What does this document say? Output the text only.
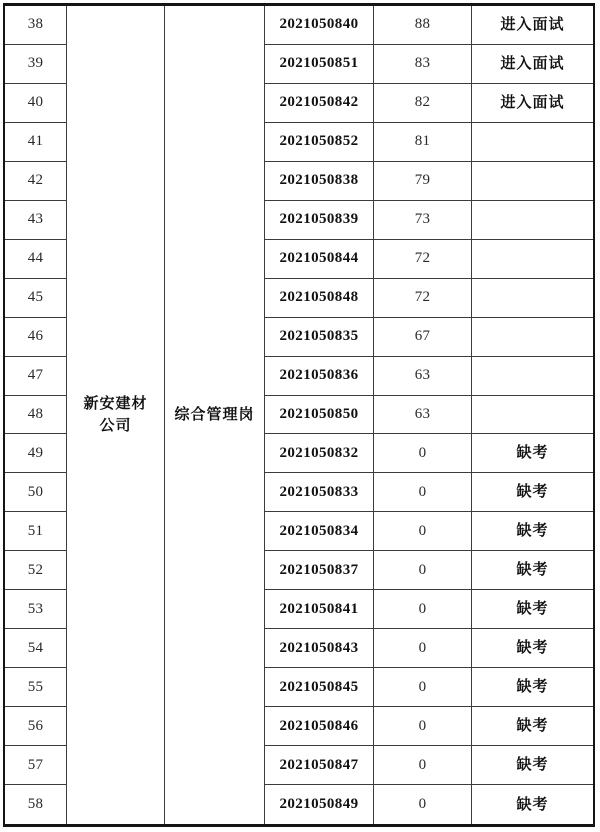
新安建材
公司
综合管理岗
38	2021050840	88	进入面试
39	2021050851	83	进入面试
40	2021050842	82	进入面试
41	2021050852	81
42	2021050838	79
43	2021050839	73
44	2021050844	72
45	2021050848	72
46	2021050835	67
47	2021050836	63
48	2021050850	63
49	2021050832	0	缺考
50	2021050833	0	缺考
51	2021050834	0	缺考
52	2021050837	0	缺考
53	2021050841	0	缺考
54	2021050843	0	缺考
55	2021050845	0	缺考
56	2021050846	0	缺考
57	2021050847	0	缺考
58	2021050849	0	缺考
